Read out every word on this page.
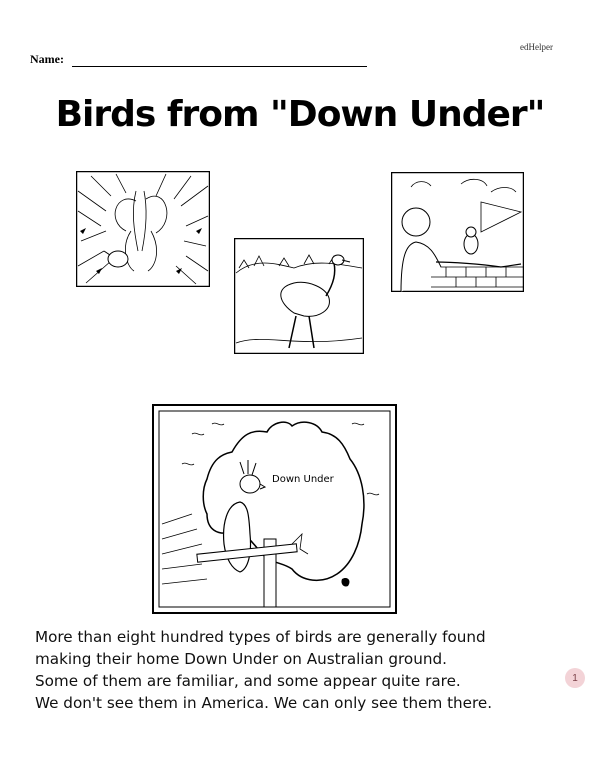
edHelper
Name:
Birds from "Down Under"
Down Under
More than eight hundred types of birds are generally found
making their home Down Under on Australian ground.
Some of them are familiar, and some appear quite rare.
We don't see them in America. We can only see them there.
1
